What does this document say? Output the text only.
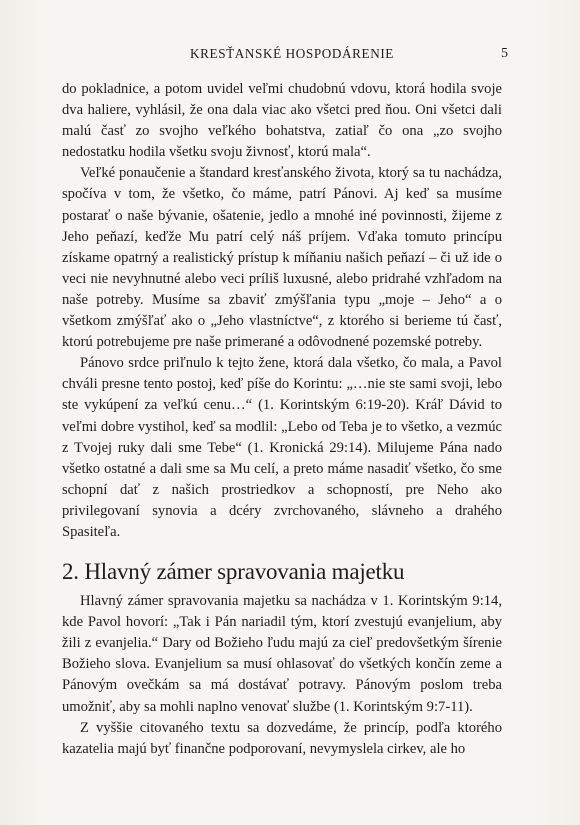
KRESŤANSKÉ HOSPODÁRENIE	5

do pokladnice, a potom uvidel veľmi chudobnú vdovu, ktorá hodila svoje dva haliere, vyhlásil, že ona dala viac ako všetci pred ňou. Oni všetci dali malú časť zo svojho veľkého bohatstva, zatiaľ čo ona „zo svojho nedostatku hodila všetku svoju živnosť, ktorú mala“.

Veľké ponaučenie a štandard kresťanského života, ktorý sa tu nachádza, spočíva v tom, že všetko, čo máme, patrí Pánovi. Aj keď sa musíme postarať o naše bývanie, ošatenie, jedlo a mnohé iné povinnosti, žijeme z Jeho peňazí, keďže Mu patrí celý náš príjem. Vďaka tomuto princípu získame opatrný a realistický prístup k míňaniu našich peňazí – či už ide o veci nie nevyhnutné alebo veci príliš luxusné, alebo pridrahé vzhľadom na naše potreby. Musíme sa zbaviť zmýšľania typu „moje – Jeho“ a o všetkom zmýšľať ako o „Jeho vlastníctve“, z ktorého si berieme tú časť, ktorú potrebujeme pre naše primerané a odôvodnené pozemské potreby.

Pánovo srdce priľnulo k tejto žene, ktorá dala všetko, čo mala, a Pavol chváli presne tento postoj, keď píše do Korintu: „…nie ste sami svoji, lebo ste vykúpení za veľkú cenu…“ (1. Korintským 6:19-20). Kráľ Dávid to veľmi dobre vystihol, keď sa modlil: „Lebo od Teba je to všetko, a vezmúc z Tvojej ruky dali sme Tebe“ (1. Kronická 29:14). Milujeme Pána nado všetko ostatné a dali sme sa Mu celí, a preto máme nasadiť všetko, čo sme schopní dať z našich prostriedkov a schopností, pre Neho ako privilegovaní synovia a dcéry zvrchovaného, slávneho a drahého Spasiteľa.

2. Hlavný zámer spravovania majetku

Hlavný zámer spravovania majetku sa nachádza v 1. Korintským 9:14, kde Pavol hovorí: „Tak i Pán nariadil tým, ktorí zvestujú evanjelium, aby žili z evanjelia.“ Dary od Božieho ľudu majú za cieľ predovšetkým šírenie Božieho slova. Evanjelium sa musí ohlasovať do všetkých končín zeme a Pánovým ovečkám sa má dostávať potravy. Pánovým poslom treba umožniť, aby sa mohli naplno venovať službe (1. Korintským 9:7-11).

Z vyššie citovaného textu sa dozvedáme, že princíp, podľa ktorého kazatelia majú byť finančne podporovaní, nevymyslela cirkev, ale ho
